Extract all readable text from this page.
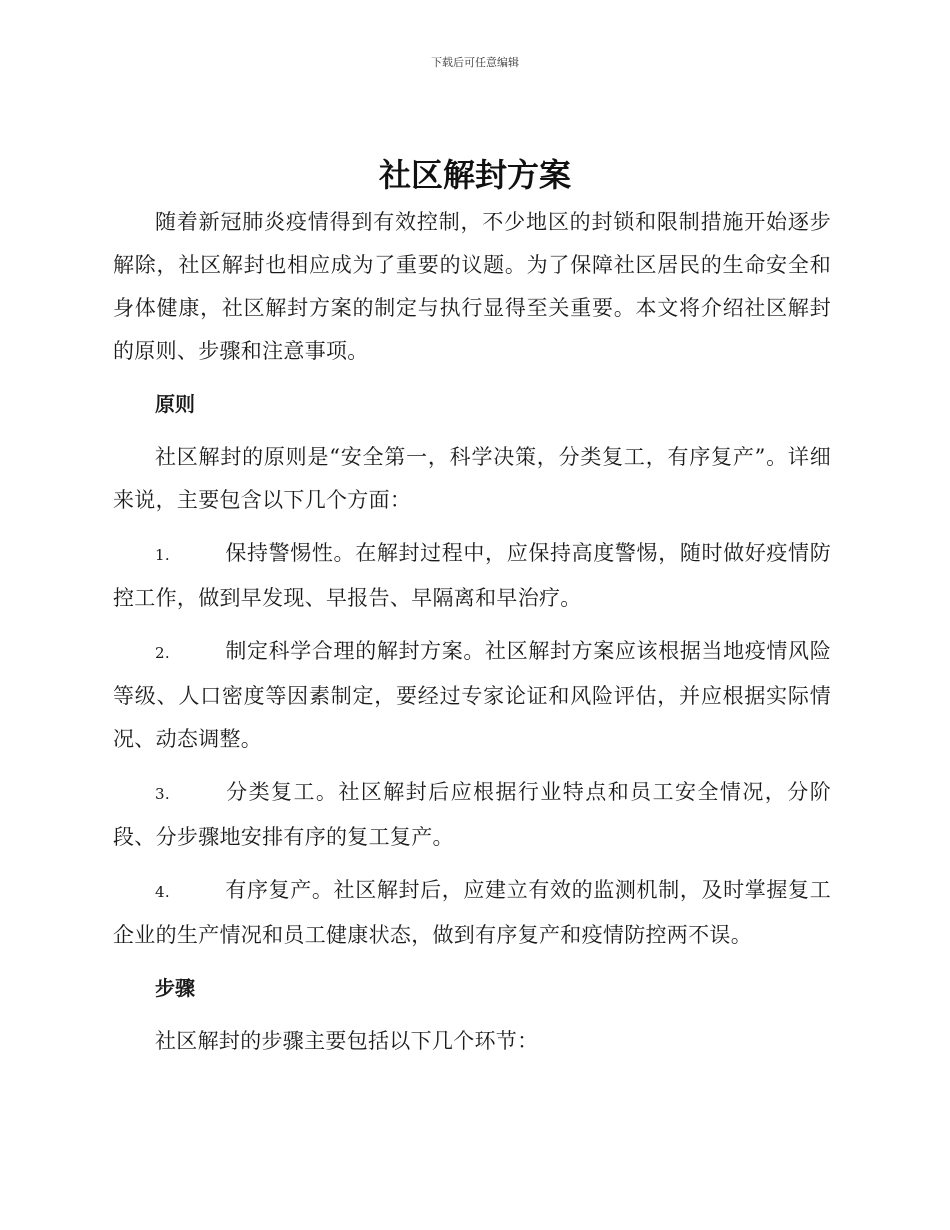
下载后可任意编辑
社区解封方案

随着新冠肺炎疫情得到有效控制，不少地区的封锁和限制措施开始逐步解除，社区解封也相应成为了重要的议题。为了保障社区居民的生命安全和身体健康，社区解封方案的制定与执行显得至关重要。本文将介绍社区解封的原则、步骤和注意事项。

原则

社区解封的原则是“安全第一，科学决策，分类复工，有序复产”。详细来说，主要包含以下几个方面：

1.	保持警惕性。在解封过程中，应保持高度警惕，随时做好疫情防控工作，做到早发现、早报告、早隔离和早治疗。

2.	制定科学合理的解封方案。社区解封方案应该根据当地疫情风险等级、人口密度等因素制定，要经过专家论证和风险评估，并应根据实际情况、动态调整。

3.	分类复工。社区解封后应根据行业特点和员工安全情况，分阶段、分步骤地安排有序的复工复产。

4.	有序复产。社区解封后，应建立有效的监测机制，及时掌握复工企业的生产情况和员工健康状态，做到有序复产和疫情防控两不误。

步骤

社区解封的步骤主要包括以下几个环节：
